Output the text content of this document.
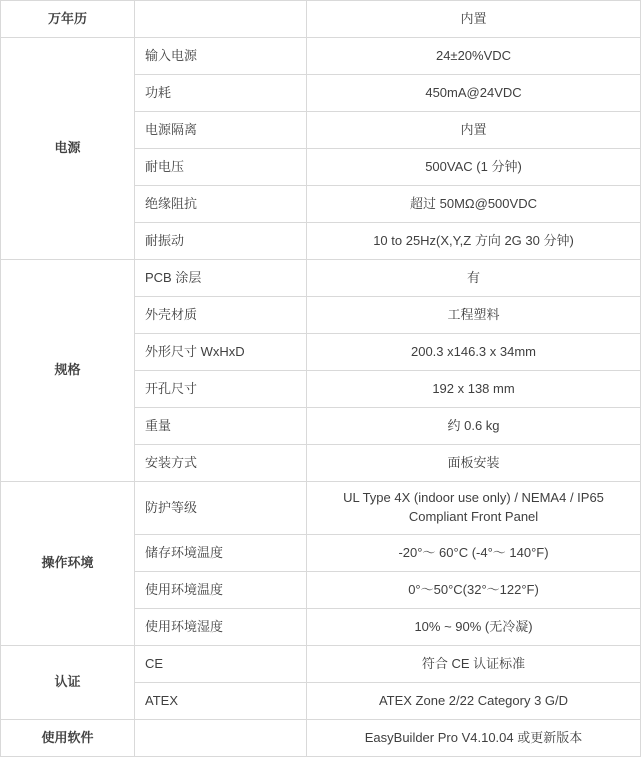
万年历		内置
电源	输入电源	24±20%VDC
	功耗	450mA@24VDC
	电源隔离	内置
	耐电压	500VAC (1 分钟)
	绝缘阻抗	超过 50MΩ@500VDC
	耐振动	10 to 25Hz(X,Y,Z 方向 2G 30 分钟)
规格	PCB 涂层	有
	外壳材质	工程塑料
	外形尺寸 WxHxD	200.3 x146.3 x 34mm
	开孔尺寸	192 x 138 mm
	重量	约 0.6 kg
	安装方式	面板安装
操作环境	防护等级	UL Type 4X (indoor use only) / NEMA4 / IP65
Compliant Front Panel

	储存环境温度	-20°～ 60°C (-4°～ 140°F)
	使用环境温度	0°～50°C(32°～122°F)
	使用环境湿度	10% ~ 90% (无冷凝)
认证	CE	符合 CE 认证标准
	ATEX	ATEX Zone 2/22 Category 3 G/D
使用软件		EasyBuilder Pro V4.10.04 或更新版本
